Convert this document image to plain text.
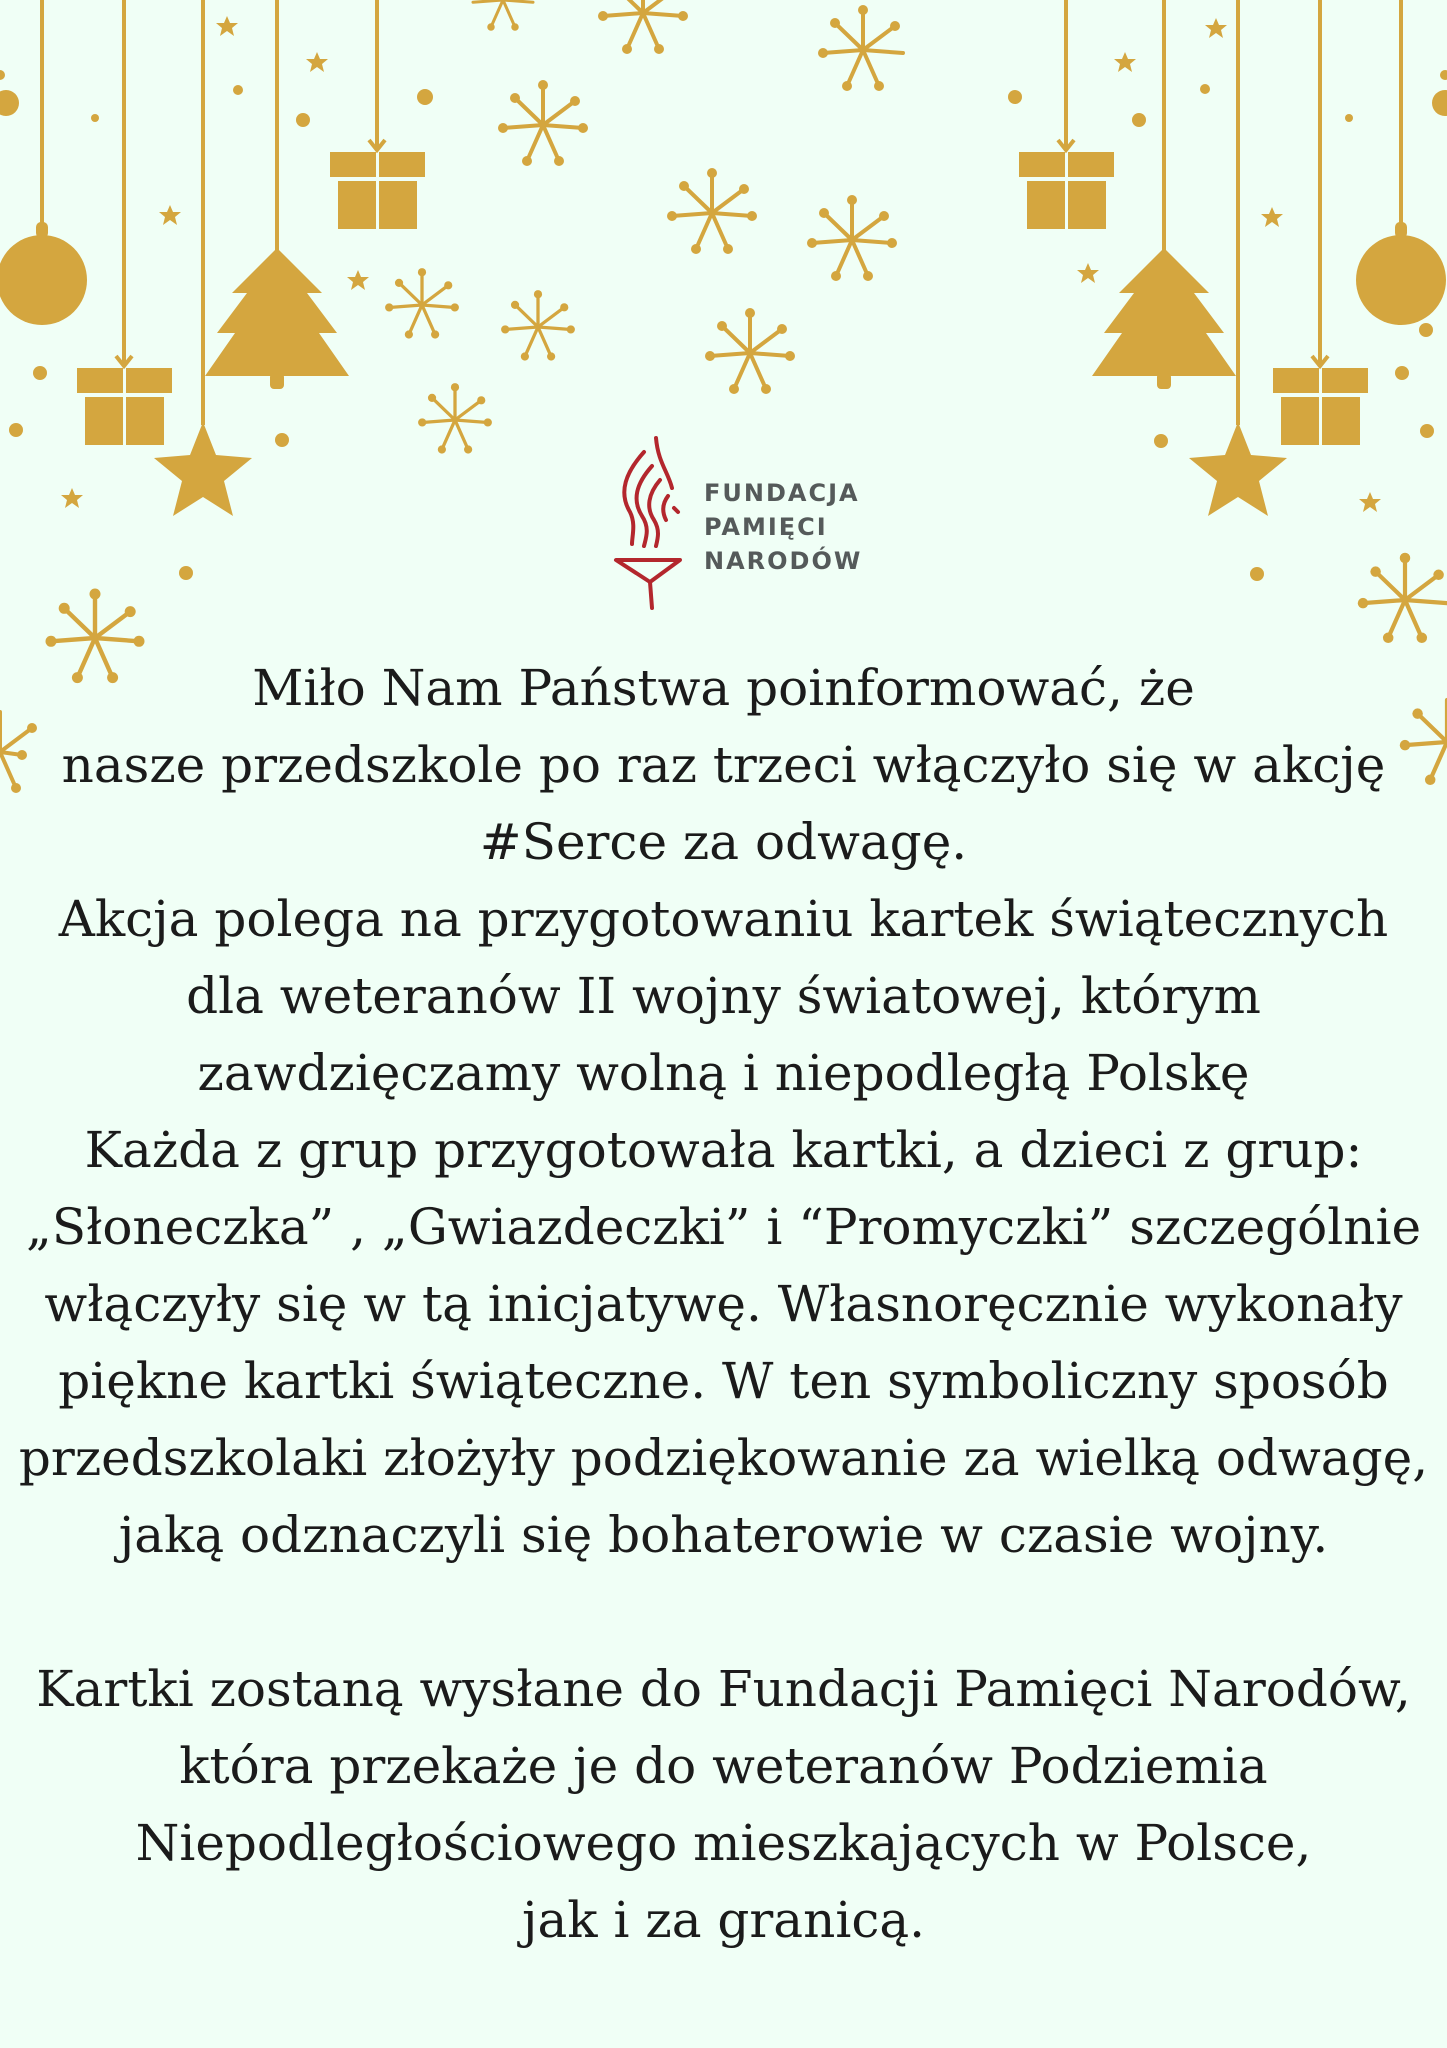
FUNDACJA
PAMIĘCI
NARODÓW
Miło Nam Państwa poinformować, że
nasze przedszkole po raz trzeci włączyło się w akcję
#Serce za odwagę.
Akcja polega na przygotowaniu kartek świątecznych
dla weteranów II wojny światowej, którym
zawdzięczamy wolną i niepodległą Polskę
Każda z grup przygotowała kartki, a dzieci z grup:
„Słoneczka” , „Gwiazdeczki” i “Promyczki” szczególnie
włączyły się w tą inicjatywę. Własnoręcznie wykonały
piękne kartki świąteczne. W ten symboliczny sposób
przedszkolaki złożyły podziękowanie za wielką odwagę,
jaką odznaczyli się bohaterowie w czasie wojny.
Kartki zostaną wysłane do Fundacji Pamięci Narodów,
która przekaże je do weteranów Podziemia
Niepodległościowego mieszkających w Polsce,
jak i za granicą.
